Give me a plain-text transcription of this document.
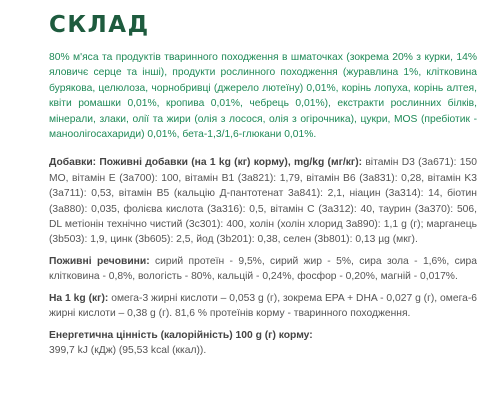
СКЛАД

80% м'яса та продуктів тваринного походження в шматочках (зокрема 20% з курки, 14% яловичє серце та інші), продукти рослинного походження (журавлина 1%, клітковина бурякова, целюлоза, чорнобривці (джерело лютеїну) 0,01%, корінь лопуха, корінь алтея, квіти ромашки 0,01%, кропива 0,01%, чебрець 0,01%), екстракти рослинних білків, мінерали, злаки, олії та жири (олія з лосося, олія з огірочника), цукри, MOS (пребіотик - маноолігосахариди) 0,01%, бета-1,3/1,6-глюкани 0,01%.

Добавки: Поживні добавки (на 1 kg (кг) корму), mg/kg (мг/кг): вітамін D3 (3a671): 150 МО, вітамін E (3a700): 100, вітамін B1 (3a821): 1,79, вітамін B6 (3a831): 0,28, вітамін K3 (3a711): 0,53, вітамін B5 (кальцію Д-пантотенат 3a841): 2,1, ніацин (3a314): 14, біотин (3a880): 0,035, фолієва кислота (3a316): 0,5, вітамін C (3a312): 40, таурин (3a370): 506, DL метіонін технічно чистий (3c301): 400, холін (холін хлорид 3a890): 1,1 g (г); марганець (3b503): 1,9, цинк (3b605): 2,5, йод (3b201): 0,38, селен (3b801): 0,13 µg (мкг).

Поживні речовини: сирий протеїн - 9,5%, сирий жир - 5%, сира зола - 1,6%, сира клітковина - 0,8%, вологість - 80%, кальцій - 0,24%, фосфор - 0,20%, магній - 0,017%.

На 1 kg (кг): омега-3 жирні кислоти – 0,053 g (г), зокрема EPA + DHA - 0,027 g (г), омега-6 жирні кислоти – 0,38 g (г). 81,6 % протеїнів корму - тваринного походження.

Енергетична цінність (калорійність) 100 g (г) корму:
399,7 kJ (кДж) (95,53 kcal (ккал)).
